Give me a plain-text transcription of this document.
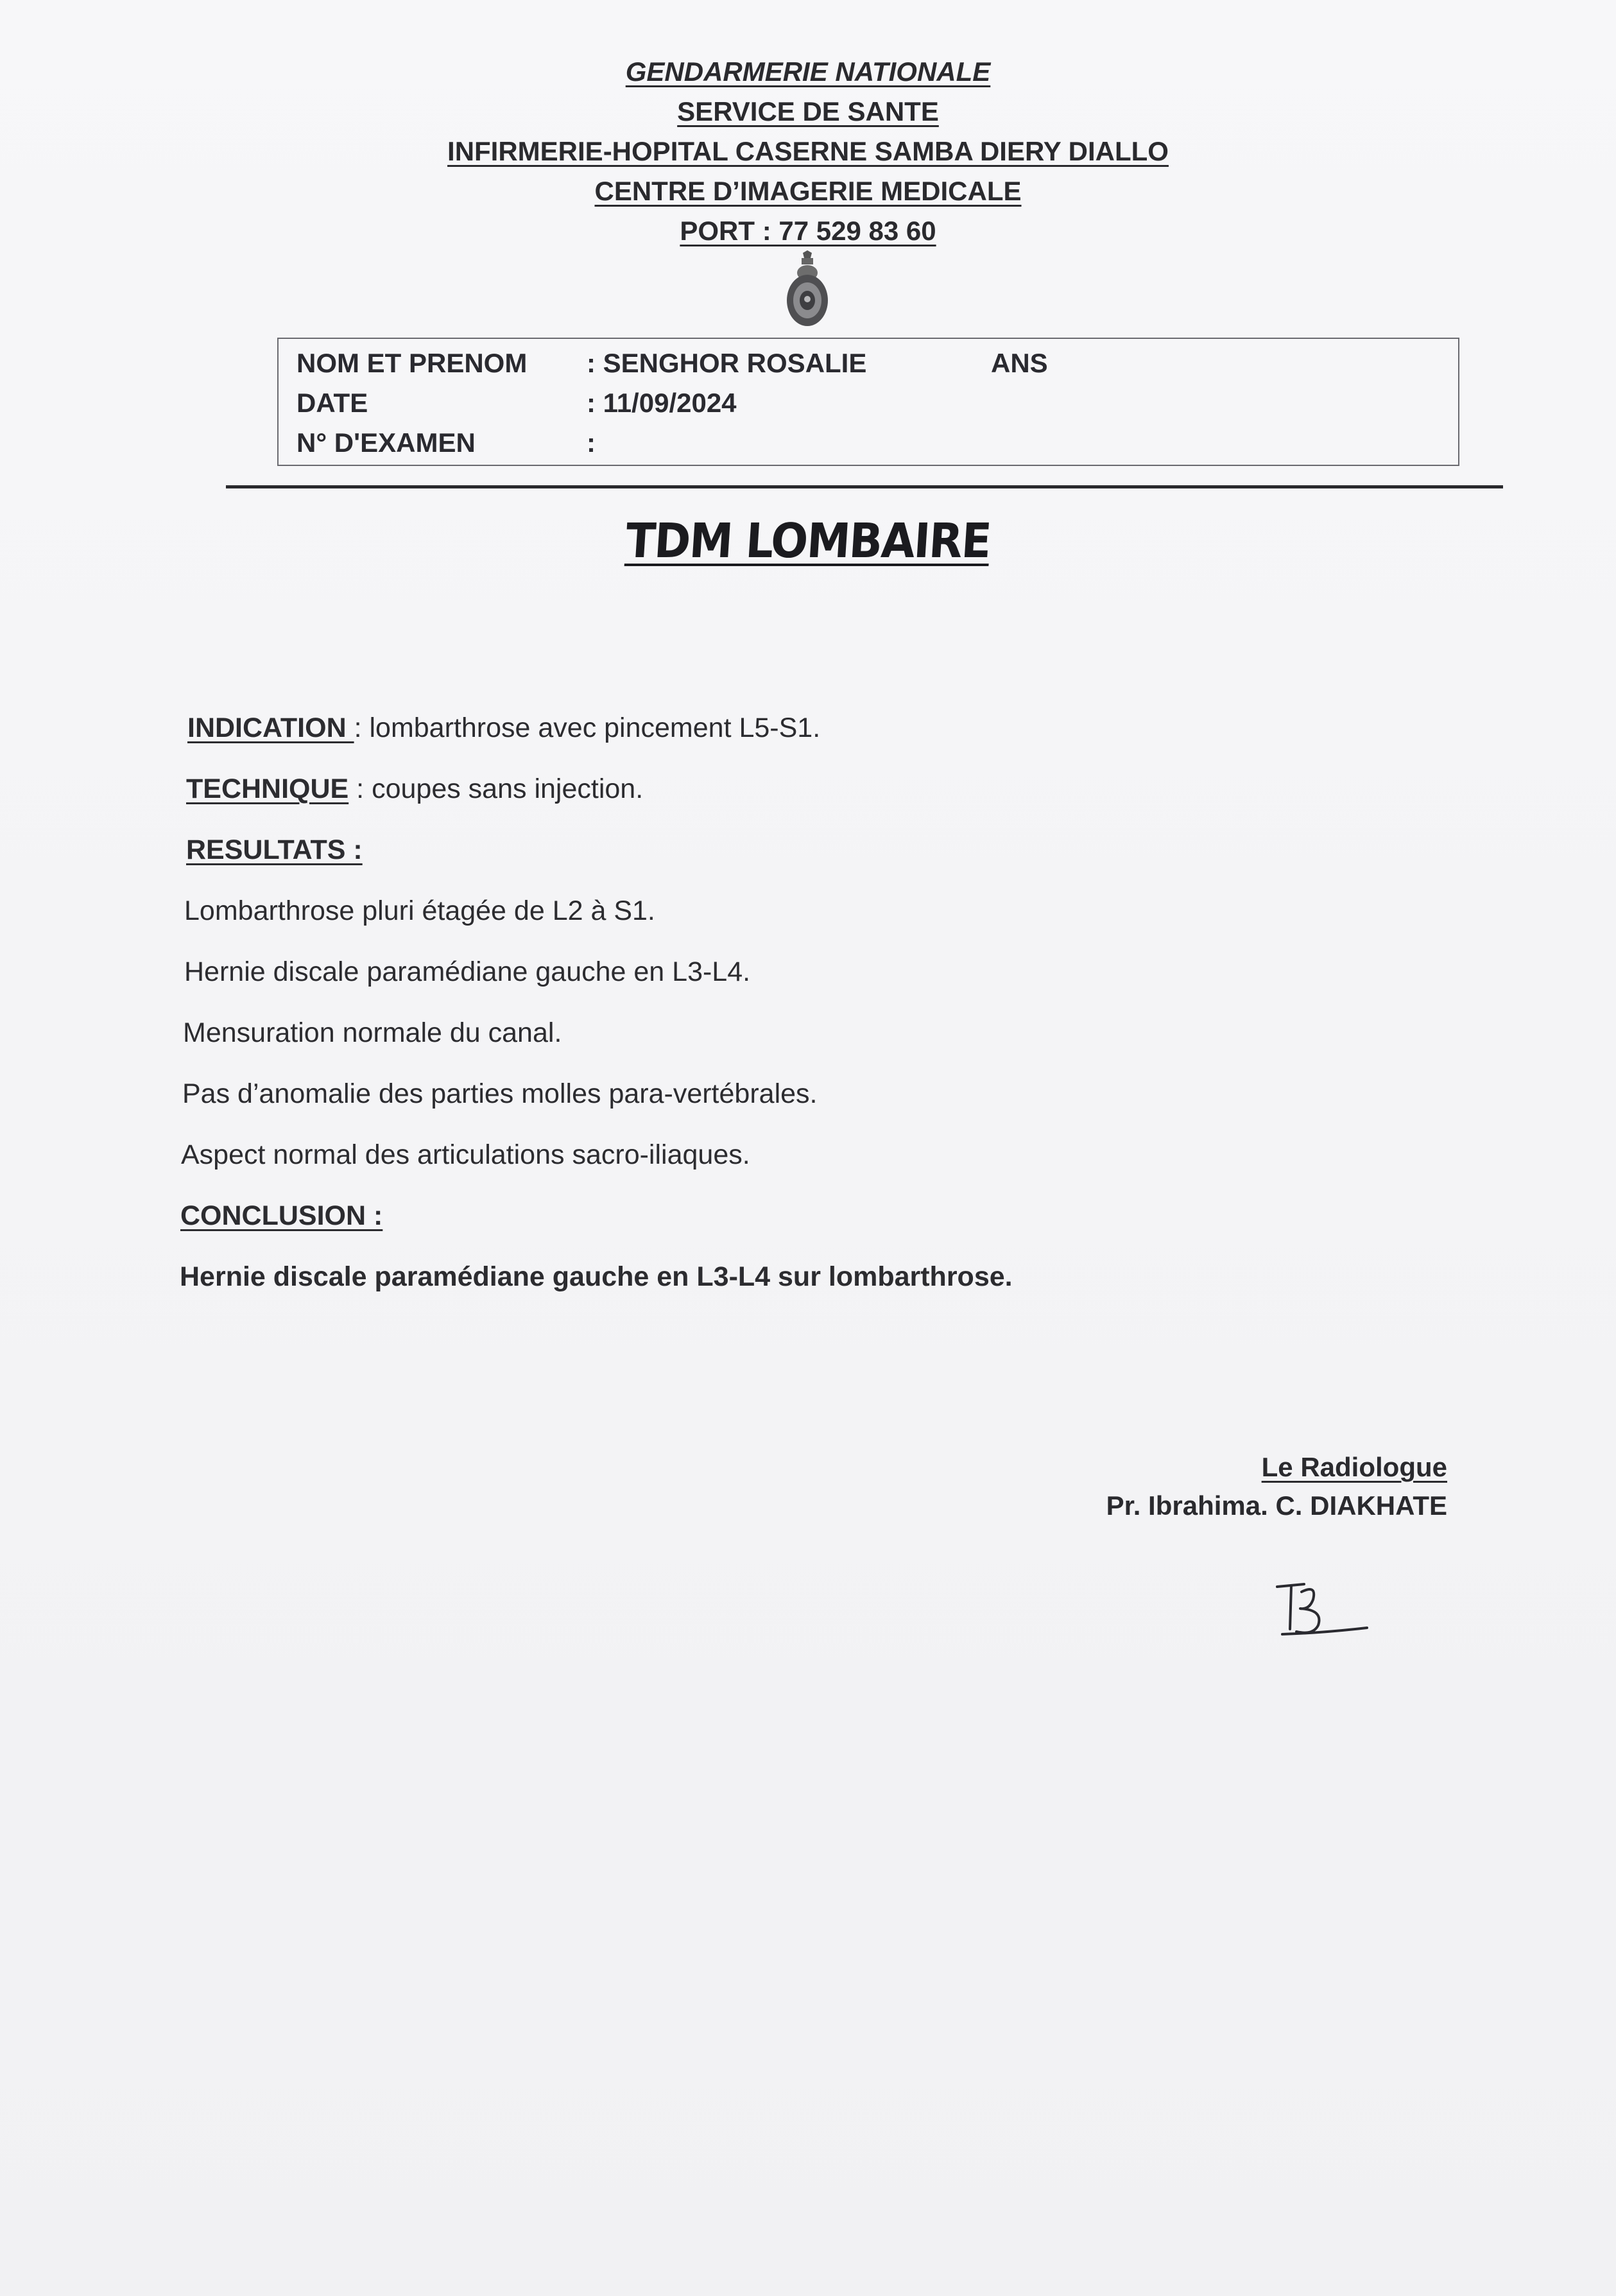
GENDARMERIE NATIONALE
SERVICE DE SANTE
INFIRMERIE-HOPITAL CASERNE SAMBA DIERY DIALLO
CENTRE D’IMAGERIE MEDICALE
PORT : 77 529 83 60
NOM ET PRENOM : SENGHOR ROSALIE	ANS
DATE	: 11/09/2024
N° D'EXAMEN	:
TDM LOMBAIRE
INDICATION : lombarthrose avec pincement L5-S1.
TECHNIQUE : coupes sans injection.
RESULTATS :
Lombarthrose pluri étagée de L2 à S1.
Hernie discale paramédiane gauche en L3-L4.
Mensuration normale du canal.
Pas d’anomalie des parties molles para-vertébrales.
Aspect normal des articulations sacro-iliaques.
CONCLUSION :
Hernie discale paramédiane gauche en L3-L4 sur lombarthrose.
Le Radiologue
Pr. Ibrahima. C. DIAKHATE
